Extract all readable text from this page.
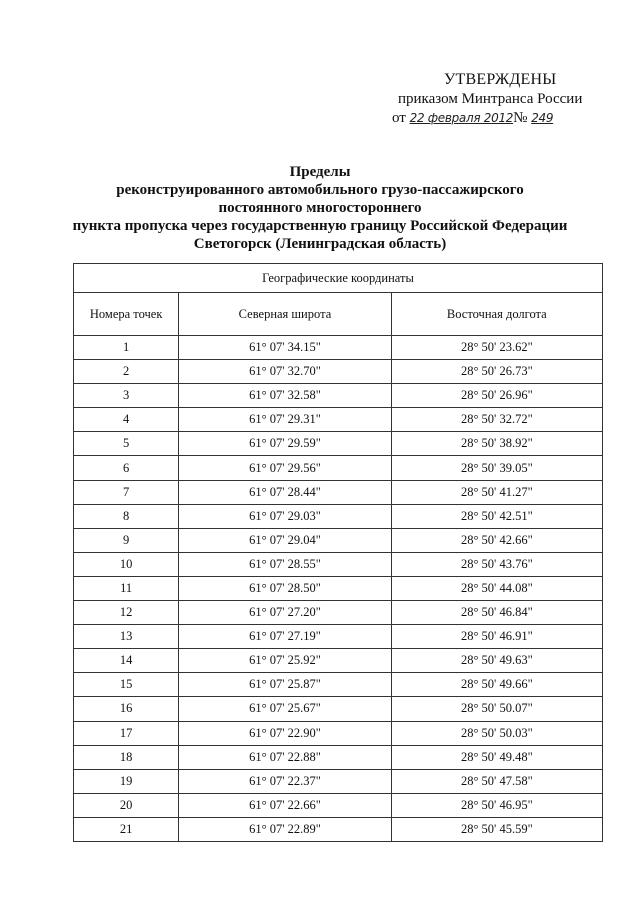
УТВЕРЖДЕНЫ
приказом Минтранса России
от 22 февраля 2012№ 249
Пределы
реконструированного автомобильного грузо-пассажирского
постоянного многостороннего
пункта пропуска через государственную границу Российской Федерации
Светогорск (Ленинградская область)
Географические координаты		
Номера точек	Северная широта	Восточная долгота
1	61° 07' 34.15"	28° 50' 23.62"
2	61° 07' 32.70"	28° 50' 26.73"
3	61° 07' 32.58"	28° 50' 26.96"
4	61° 07' 29.31"	28° 50' 32.72"
5	61° 07' 29.59"	28° 50' 38.92"
6	61° 07' 29.56"	28° 50' 39.05"
7	61° 07' 28.44"	28° 50' 41.27"
8	61° 07' 29.03"	28° 50' 42.51"
9	61° 07' 29.04"	28° 50' 42.66"
10	61° 07' 28.55"	28° 50' 43.76"
11	61° 07' 28.50"	28° 50' 44.08"
12	61° 07' 27.20"	28° 50' 46.84"
13	61° 07' 27.19"	28° 50' 46.91"
14	61° 07' 25.92"	28° 50' 49.63"
15	61° 07' 25.87"	28° 50' 49.66"
16	61° 07' 25.67"	28° 50' 50.07"
17	61° 07' 22.90"	28° 50' 50.03"
18	61° 07' 22.88"	28° 50' 49.48"
19	61° 07' 22.37"	28° 50' 47.58"
20	61° 07' 22.66"	28° 50' 46.95"
21	61° 07' 22.89"	28° 50' 45.59"
